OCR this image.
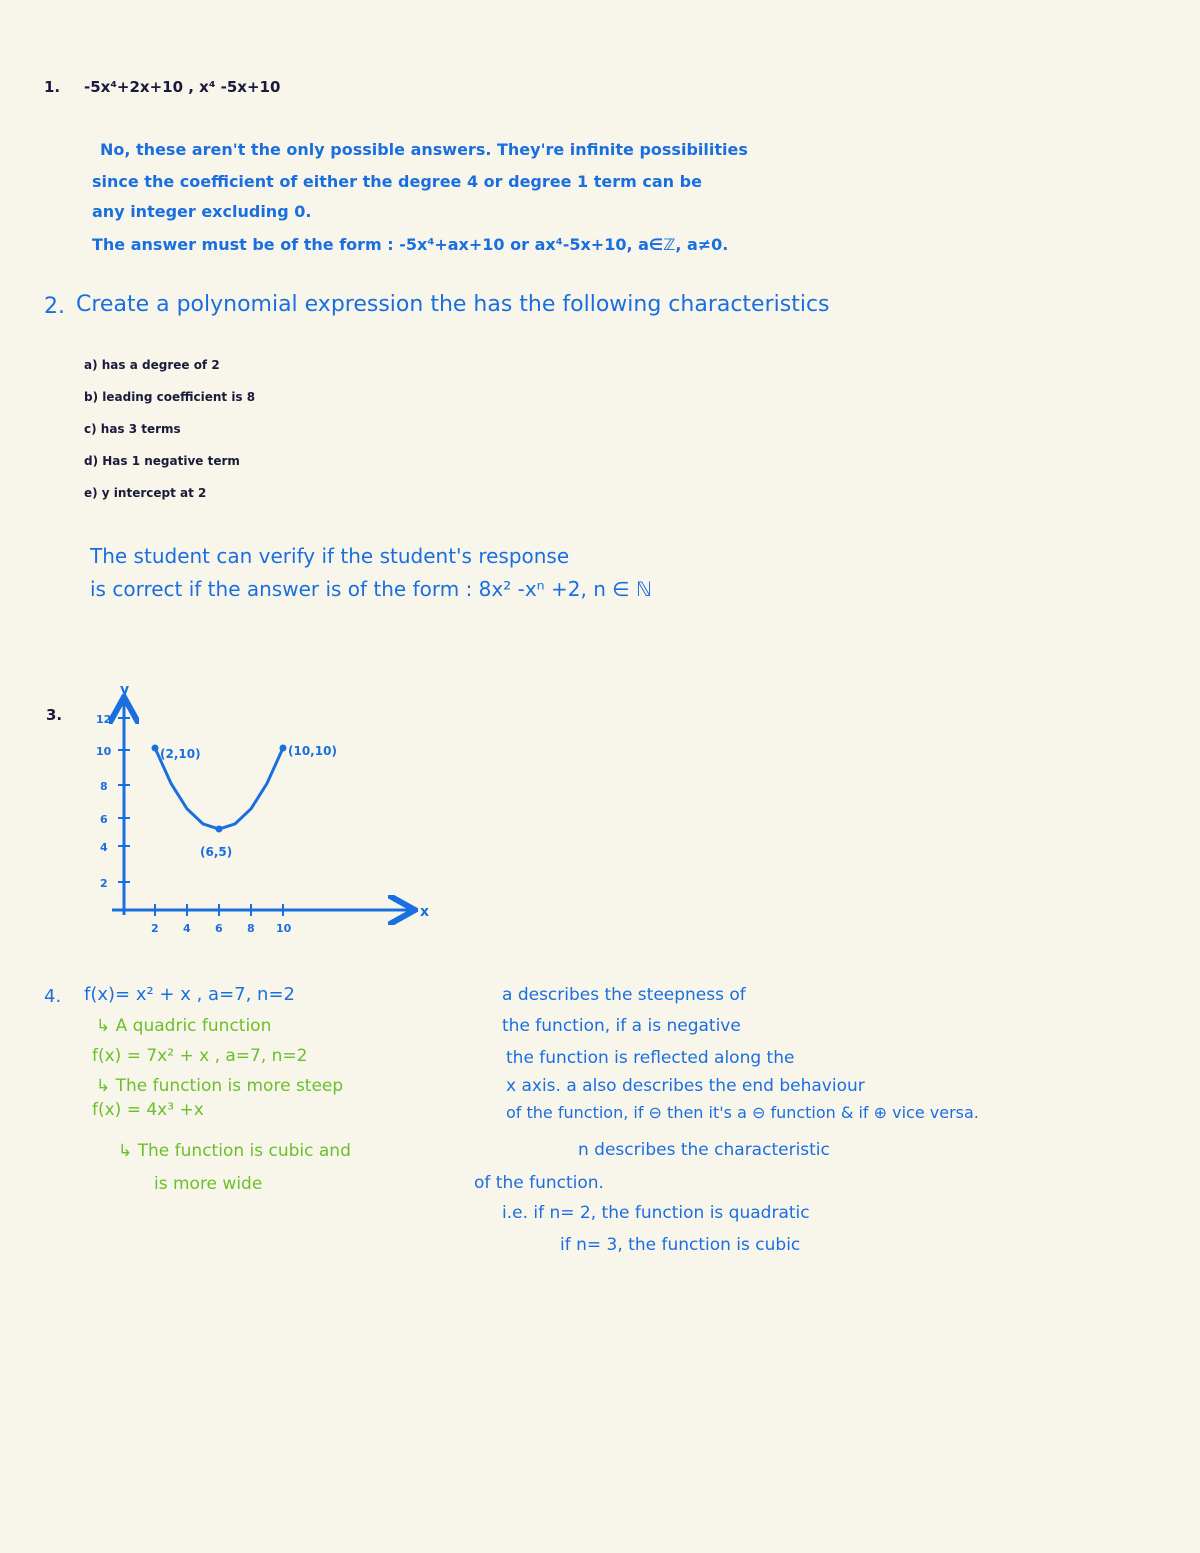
1. -5x⁴+2x+10 , x⁴ -5x+10
No, these aren't the only possible answers. They're infinite possibilities
since the coefficient of either the degree 4 or degree 1 term can be
any integer excluding 0.
The answer must be of the form : -5x⁴+ax+10 or ax⁴-5x+10, a∈ℤ, a≠0.
2. Create a polynomial expression the has the following characteristics
a) has a degree of 2
b) leading coefficient is 8
c) has 3 terms
d) Has 1 negative term
e) y intercept at 2
The student can verify if the student's response
is correct if the answer is of the form : 8x² -xⁿ +2, n ∈ ℕ
3.
x
y
12
10
8
6
4
2
2 4 6 8 10
(2,10)
(6,5)
(10,10)
4. f(x)= x² + x , a=7, n=2
↳ A quadric function
f(x) = 7x² + x , a=7, n=2
↳ The function is more steep
f(x) = 4x³ +x
↳ The function is cubic and
is more wide
a describes the steepness of
the function, if a is negative
the function is reflected along the
x axis. a also describes the end behaviour
of the function, if ⊖ then it's a ⊖ function & if ⊕ vice versa.
n describes the characteristic
of the function.
i.e. if n= 2, the function is quadratic
if n= 3, the function is cubic
